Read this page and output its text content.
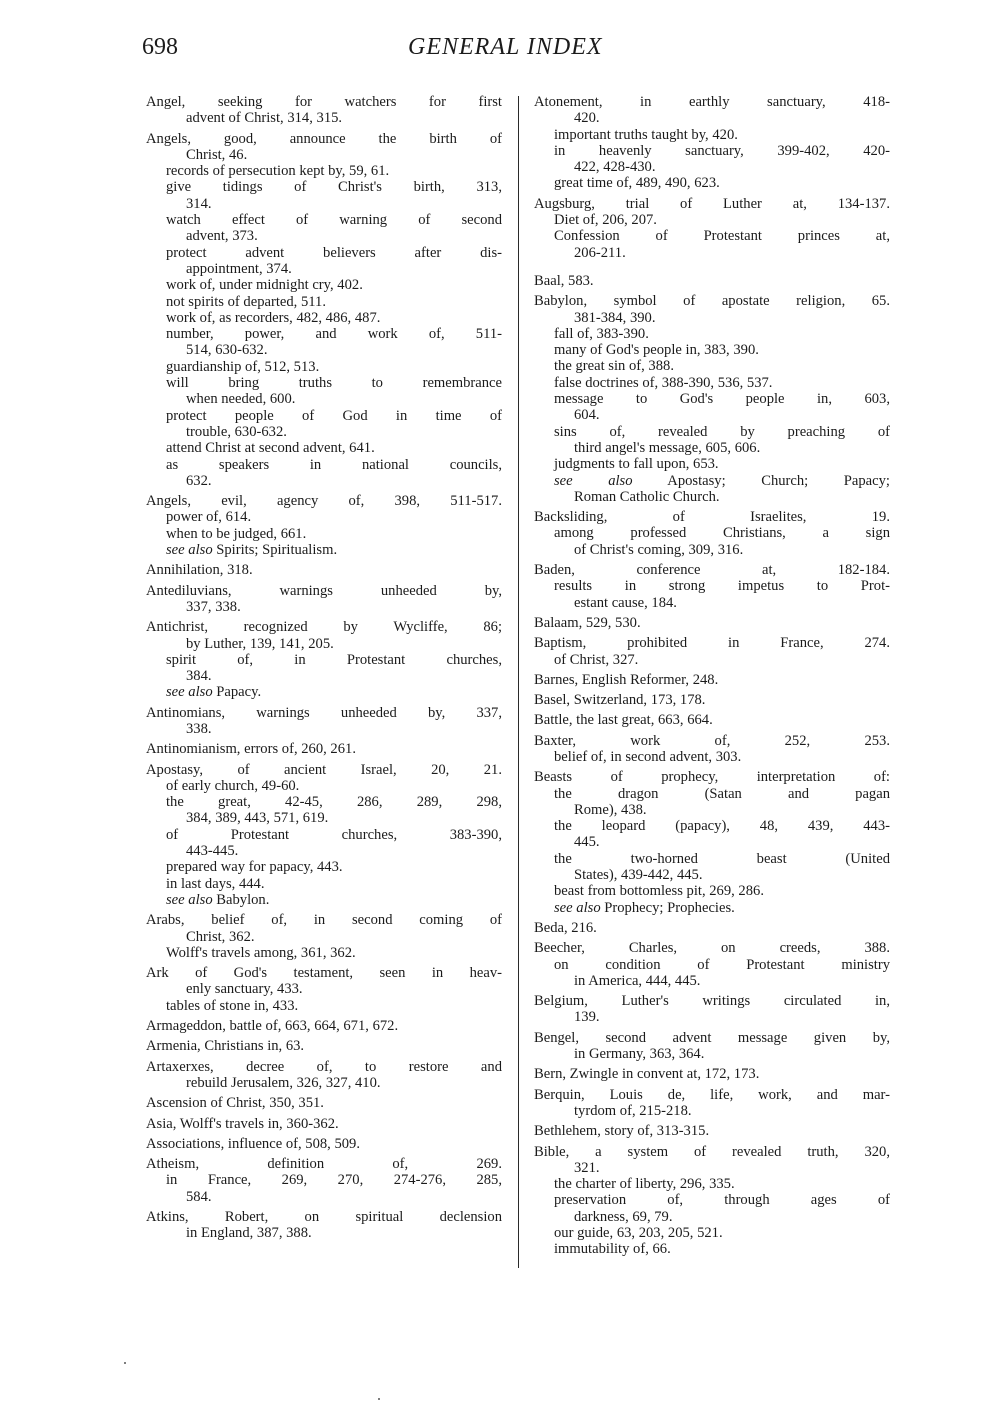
698	GENERAL INDEX
Angel, seeking for watchers for first
advent of Christ, 314, 315.
Angels, good, announce the birth of
Christ, 46.
records of persecution kept by, 59, 61.
give tidings of Christ's birth, 313,
314.
watch effect of warning of second
advent, 373.
protect advent believers after dis-
appointment, 374.
work of, under midnight cry, 402.
not spirits of departed, 511.
work of, as recorders, 482, 486, 487.
number, power, and work of, 511-
514, 630-632.
guardianship of, 512, 513.
will bring truths to remembrance
when needed, 600.
protect people of God in time of
trouble, 630-632.
attend Christ at second advent, 641.
as speakers in national councils,
632.
Angels, evil, agency of, 398, 511-517.
power of, 614.
when to be judged, 661.
see also Spirits; Spiritualism.
Annihilation, 318.
Antediluvians, warnings unheeded by,
337, 338.
Antichrist, recognized by Wycliffe, 86;
by Luther, 139, 141, 205.
spirit of, in Protestant churches,
384.
see also Papacy.
Antinomians, warnings unheeded by, 337,
338.
Antinomianism, errors of, 260, 261.
Apostasy, of ancient Israel, 20, 21.
of early church, 49-60.
the great, 42-45, 286, 289, 298,
384, 389, 443, 571, 619.
of Protestant churches, 383-390,
443-445.
prepared way for papacy, 443.
in last days, 444.
see also Babylon.
Arabs, belief of, in second coming of
Christ, 362.
Wolff's travels among, 361, 362.
Ark of God's testament, seen in heav-
enly sanctuary, 433.
tables of stone in, 433.
Armageddon, battle of, 663, 664, 671, 672.
Armenia, Christians in, 63.
Artaxerxes, decree of, to restore and
rebuild Jerusalem, 326, 327, 410.
Ascension of Christ, 350, 351.
Asia, Wolff's travels in, 360-362.
Associations, influence of, 508, 509.
Atheism, definition of, 269.
in France, 269, 270, 274-276, 285,
584.
Atkins, Robert, on spiritual declension
in England, 387, 388.
Atonement, in earthly sanctuary, 418-
420.
important truths taught by, 420.
in heavenly sanctuary, 399-402, 420-
422, 428-430.
great time of, 489, 490, 623.
Augsburg, trial of Luther at, 134-137.
Diet of, 206, 207.
Confession of Protestant princes at,
206-211.
Baal, 583.
Babylon, symbol of apostate religion, 65.
381-384, 390.
fall of, 383-390.
many of God's people in, 383, 390.
the great sin of, 388.
false doctrines of, 388-390, 536, 537.
message to God's people in, 603,
604.
sins of, revealed by preaching of
third angel's message, 605, 606.
judgments to fall upon, 653.
see also Apostasy; Church; Papacy;
Roman Catholic Church.
Backsliding, of Israelites, 19.
among professed Christians, a sign
of Christ's coming, 309, 316.
Baden, conference at, 182-184.
results in strong impetus to Prot-
estant cause, 184.
Balaam, 529, 530.
Baptism, prohibited in France, 274.
of Christ, 327.
Barnes, English Reformer, 248.
Basel, Switzerland, 173, 178.
Battle, the last great, 663, 664.
Baxter, work of, 252, 253.
belief of, in second advent, 303.
Beasts of prophecy, interpretation of:
the dragon (Satan and pagan
Rome), 438.
the leopard (papacy), 48, 439, 443-
445.
the two-horned beast (United
States), 439-442, 445.
beast from bottomless pit, 269, 286.
see also Prophecy; Prophecies.
Beda, 216.
Beecher, Charles, on creeds, 388.
on condition of Protestant ministry
in America, 444, 445.
Belgium, Luther's writings circulated in,
139.
Bengel, second advent message given by,
in Germany, 363, 364.
Bern, Zwingle in convent at, 172, 173.
Berquin, Louis de, life, work, and mar-
tyrdom of, 215-218.
Bethlehem, story of, 313-315.
Bible, a system of revealed truth, 320,
321.
the charter of liberty, 296, 335.
preservation of, through ages of
darkness, 69, 79.
our guide, 63, 203, 205, 521.
immutability of, 66.
